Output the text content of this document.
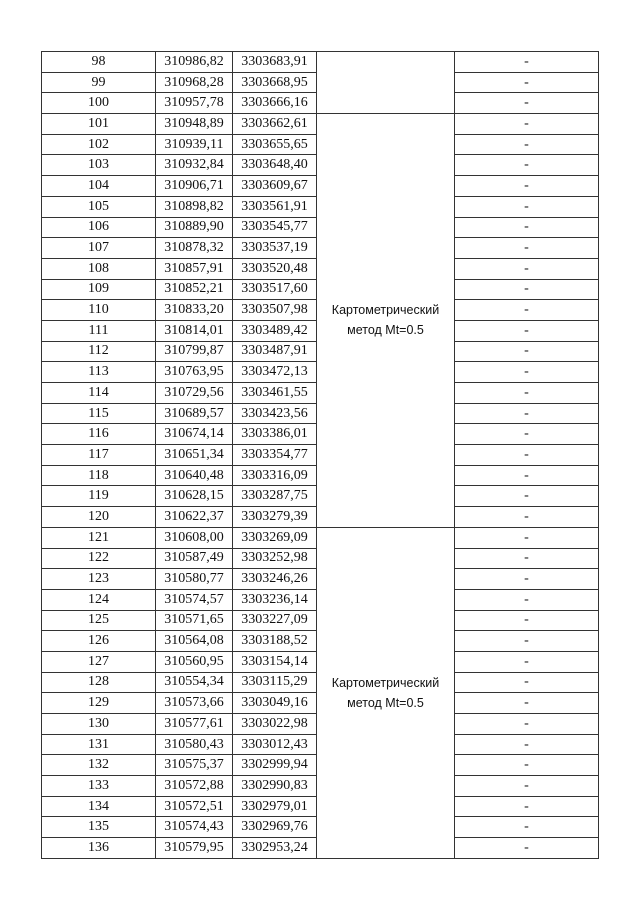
98	310986,82	3303683,91		-
99	310968,28	3303668,95		-
100	310957,78	3303666,16		-
101	310948,89	3303662,61	Картометрический метод Mt=0.5	-
102	310939,11	3303655,65		-
103	310932,84	3303648,40		-
104	310906,71	3303609,67		-
105	310898,82	3303561,91		-
106	310889,90	3303545,77		-
107	310878,32	3303537,19		-
108	310857,91	3303520,48		-
109	310852,21	3303517,60		-
110	310833,20	3303507,98		-
111	310814,01	3303489,42		-
112	310799,87	3303487,91		-
113	310763,95	3303472,13		-
114	310729,56	3303461,55		-
115	310689,57	3303423,56		-
116	310674,14	3303386,01		-
117	310651,34	3303354,77		-
118	310640,48	3303316,09		-
119	310628,15	3303287,75		-
120	310622,37	3303279,39		-
121	310608,00	3303269,09	Картометрический метод Mt=0.5	-
122	310587,49	3303252,98		-
123	310580,77	3303246,26		-
124	310574,57	3303236,14		-
125	310571,65	3303227,09		-
126	310564,08	3303188,52		-
127	310560,95	3303154,14		-
128	310554,34	3303115,29		-
129	310573,66	3303049,16		-
130	310577,61	3303022,98		-
131	310580,43	3303012,43		-
132	310575,37	3302999,94		-
133	310572,88	3302990,83		-
134	310572,51	3302979,01		-
135	310574,43	3302969,76		-
136	310579,95	3302953,24		-
